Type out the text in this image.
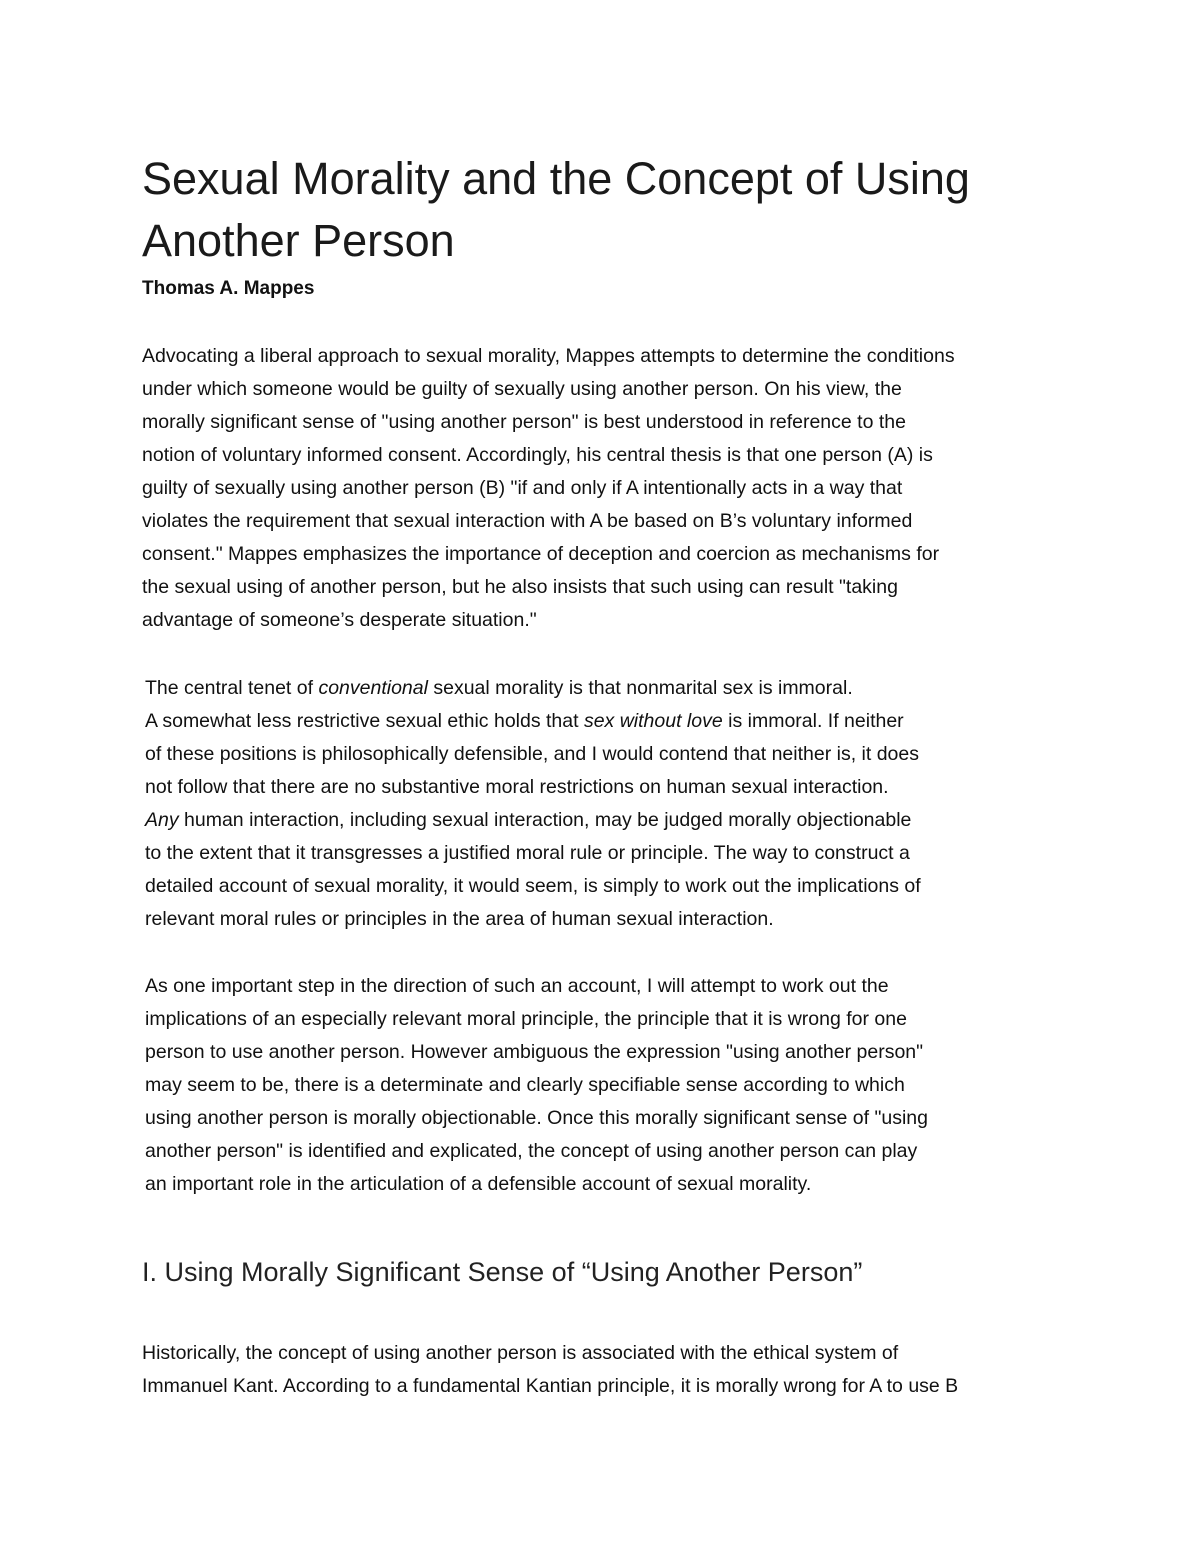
Sexual Morality and the Concept of Using Another Person

Thomas A. Mappes

Advocating a liberal approach to sexual morality, Mappes attempts to determine the conditions
under which someone would be guilty of sexually using another person. On his view, the
morally significant sense of "using another person" is best understood in reference to the
notion of voluntary informed consent. Accordingly, his central thesis is that one person (A) is
guilty of sexually using another person (B) "if and only if A intentionally acts in a way that
violates the requirement that sexual interaction with A be based on B’s voluntary informed
consent." Mappes emphasizes the importance of deception and coercion as mechanisms for
the sexual using of another person, but he also insists that such using can result "taking
advantage of someone’s desperate situation."

The central tenet of conventional sexual morality is that nonmarital sex is immoral.
A somewhat less restrictive sexual ethic holds that sex without love is immoral. If neither
of these positions is philosophically defensible, and I would contend that neither is, it does
not follow that there are no substantive moral restrictions on human sexual interaction.
Any human interaction, including sexual interaction, may be judged morally objectionable
to the extent that it transgresses a justified moral rule or principle. The way to construct a
detailed account of sexual morality, it would seem, is simply to work out the implications of
relevant moral rules or principles in the area of human sexual interaction.

As one important step in the direction of such an account, I will attempt to work out the
implications of an especially relevant moral principle, the principle that it is wrong for one
person to use another person. However ambiguous the expression "using another person"
may seem to be, there is a determinate and clearly specifiable sense according to which
using another person is morally objectionable. Once this morally significant sense of "using
another person" is identified and explicated, the concept of using another person can play
an important role in the articulation of a defensible account of sexual morality.

I. Using Morally Significant Sense of “Using Another Person”

Historically, the concept of using another person is associated with the ethical system of
Immanuel Kant. According to a fundamental Kantian principle, it is morally wrong for A to use B
